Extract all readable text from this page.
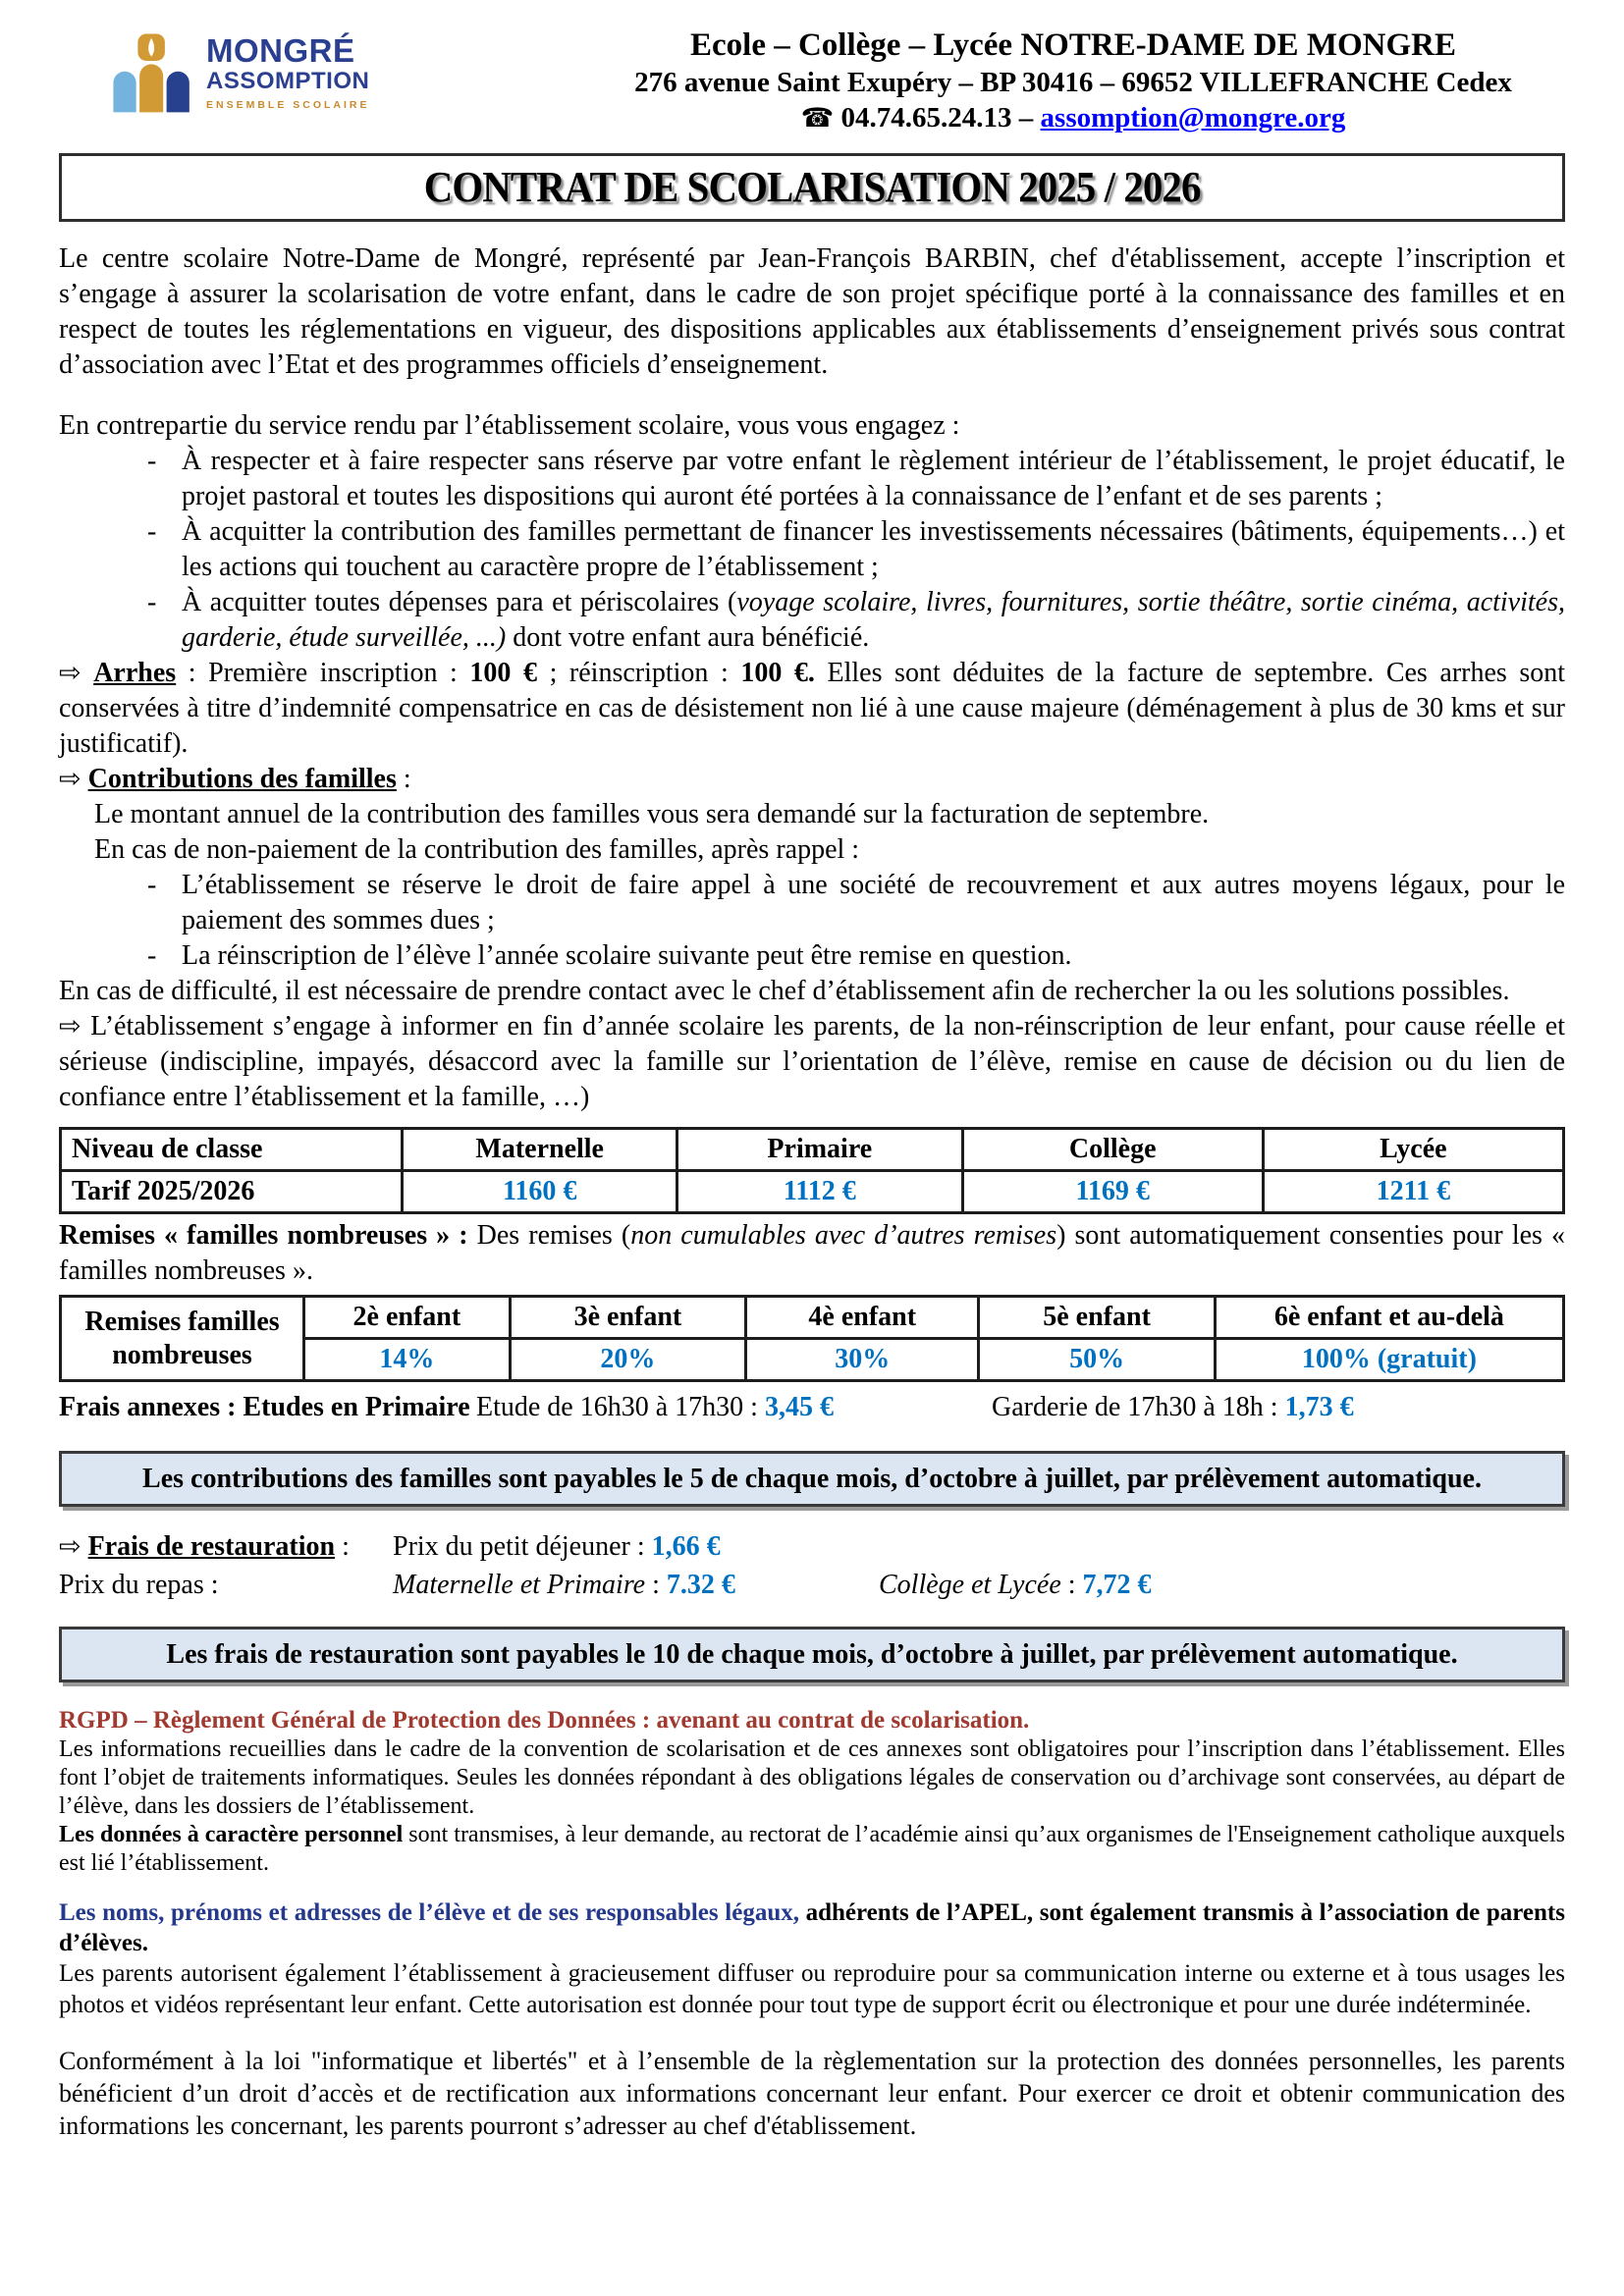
MONGRÉ
ASSOMPTION
ENSEMBLE SCOLAIRE
Ecole – Collège – Lycée NOTRE-DAME DE MONGRE
276 avenue Saint Exupéry – BP 30416 – 69652 VILLEFRANCHE Cedex
☎ 04.74.65.24.13 – assomption@mongre.org
CONTRAT DE SCOLARISATION 2025 / 2026

Le centre scolaire Notre-Dame de Mongré, représenté par Jean-François BARBIN, chef d'établissement, accepte l’inscription et s’engage à assurer la scolarisation de votre enfant, dans le cadre de son projet spécifique porté à la connaissance des familles et en respect de toutes les réglementations en vigueur, des dispositions applicables aux établissements d’enseignement privés sous contrat d’association avec l’Etat et des programmes officiels d’enseignement.

En contrepartie du service rendu par l’établissement scolaire, vous vous engagez :
- À respecter et à faire respecter sans réserve par votre enfant le règlement intérieur de l’établissement, le projet éducatif, le projet pastoral et toutes les dispositions qui auront été portées à la connaissance de l’enfant et de ses parents ;
- À acquitter la contribution des familles permettant de financer les investissements nécessaires (bâtiments, équipements…) et les actions qui touchent au caractère propre de l’établissement ;
- À acquitter toutes dépenses para et périscolaires (voyage scolaire, livres, fournitures, sortie théâtre, sortie cinéma, activités, garderie, étude surveillée, ...) dont votre enfant aura bénéficié.

⇨ Arrhes : Première inscription : 100 € ; réinscription : 100 €. Elles sont déduites de la facture de septembre. Ces arrhes sont conservées à titre d’indemnité compensatrice en cas de désistement non lié à une cause majeure (déménagement à plus de 30 kms et sur justificatif).

⇨ Contributions des familles :
Le montant annuel de la contribution des familles vous sera demandé sur la facturation de septembre.
En cas de non-paiement de la contribution des familles, après rappel :
- L’établissement se réserve le droit de faire appel à une société de recouvrement et aux autres moyens légaux, pour le paiement des sommes dues ;
- La réinscription de l’élève l’année scolaire suivante peut être remise en question.

En cas de difficulté, il est nécessaire de prendre contact avec le chef d’établissement afin de rechercher la ou les solutions possibles.

⇨ L’établissement s’engage à informer en fin d’année scolaire les parents, de la non-réinscription de leur enfant, pour cause réelle et sérieuse (indiscipline, impayés, désaccord avec la famille sur l’orientation de l’élève, remise en cause de décision ou du lien de confiance entre l’établissement et la famille, …)

Niveau de classe	Maternelle	Primaire	Collège	Lycée
Tarif 2025/2026	1160 €	1112 €	1169 €	1211 €

Remises « familles nombreuses » : Des remises (non cumulables avec d’autres remises) sont automatiquement consenties pour les « familles nombreuses ».

Remises familles nombreuses	2è enfant	3è enfant	4è enfant	5è enfant	6è enfant et au-delà
	14%	20%	30%	50%	100% (gratuit)
Frais annexes : Etudes en Primaire Etude de 16h30 à 17h30 : 3,45 €	Garderie de 17h30 à 18h : 1,73 €
Les contributions des familles sont payables le 5 de chaque mois, d’octobre à juillet, par prélèvement automatique.
⇨ Frais de restauration : Prix du petit déjeuner : 1,66 €
Prix du repas :	Maternelle et Primaire : 7.32 €	Collège et Lycée : 7,72 €
Les frais de restauration sont payables le 10 de chaque mois, d’octobre à juillet, par prélèvement automatique.
RGPD – Règlement Général de Protection des Données : avenant au contrat de scolarisation.

Les informations recueillies dans le cadre de la convention de scolarisation et de ces annexes sont obligatoires pour l’inscription dans l’établissement. Elles font l’objet de traitements informatiques. Seules les données répondant à des obligations légales de conservation ou d’archivage sont conservées, au départ de l’élève, dans les dossiers de l’établissement.

Les données à caractère personnel sont transmises, à leur demande, au rectorat de l’académie ainsi qu’aux organismes de l'Enseignement catholique auxquels est lié l’établissement.

Les noms, prénoms et adresses de l’élève et de ses responsables légaux, adhérents de l’APEL, sont également transmis à l’association de parents d’élèves.

Les parents autorisent également l’établissement à gracieusement diffuser ou reproduire pour sa communication interne ou externe et à tous usages les photos et vidéos représentant leur enfant. Cette autorisation est donnée pour tout type de support écrit ou électronique et pour une durée indéterminée.

Conformément à la loi "informatique et libertés" et à l’ensemble de la règlementation sur la protection des données personnelles, les parents bénéficient d’un droit d’accès et de rectification aux informations concernant leur enfant. Pour exercer ce droit et obtenir communication des informations les concernant, les parents pourront s’adresser au chef d'établissement.
